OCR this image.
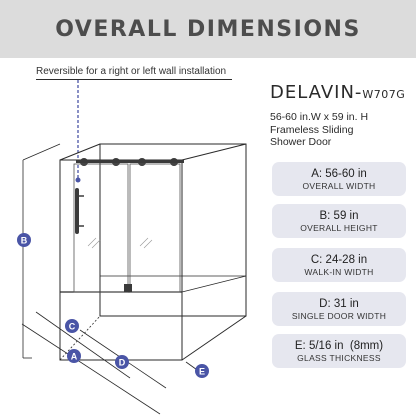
OVERALL DIMENSIONS
Reversible for a right or left wall installation
B
C
A
D
E
DELAVIN-W707G
56-60 in.W x 59 in. H
Frameless Sliding
Shower Door
A: 56-60 in
OVERALL WIDTH
B: 59 in
OVERALL HEIGHT
C: 24-28 in
WALK-IN WIDTH
D: 31 in
SINGLE DOOR WIDTH
E: 5/16 in  (8mm)
GLASS THICKNESS
